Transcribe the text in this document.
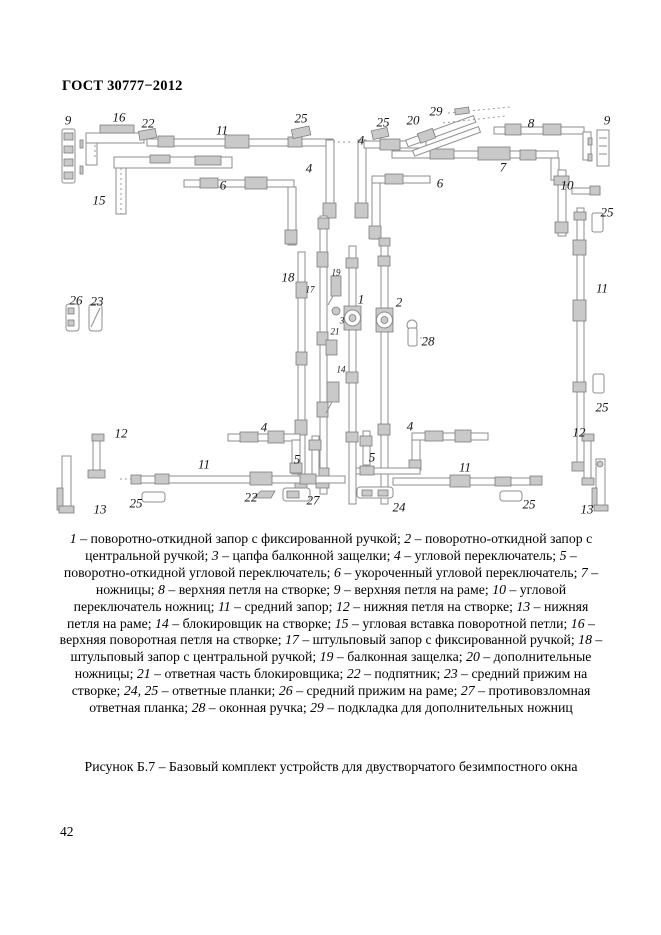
ГОСТ 30777−2012
9	16 22	11
25	25 20
29
8	9
15
6
4
4
6
7
10
25
18
17
19
26 23	1 2
3
21
14
28
11
12	4
11	5
13 25	22	27
5
4
11
24	25
25
12
13
1 – поворотно-откидной запор с фиксированной ручкой; 2 – поворотно-откидной запор с центральной ручкой; 3 – цапфа балконной защелки; 4 – угловой переключатель; 5 – поворотно-откидной угловой переключатель; 6 – укороченный угловой переключатель; 7 – ножницы; 8 – верхняя петля на створке; 9 – верхняя петля на раме; 10 – угловой переключатель ножниц; 11 – средний запор; 12 – нижняя петля на створке; 13 – нижняя петля на раме; 14 – блокировщик на створке; 15 – угловая вставка поворотной петли; 16 – верхняя поворотная петля на створке; 17 – штульповый запор с фиксированной ручкой; 18 – штульповый запор с центральной ручкой; 19 – балконная защелка; 20 – дополнительные ножницы; 21 – ответная часть блокировщика; 22 – подпятник; 23 – средний прижим на створке; 24, 25 – ответные планки; 26 – средний прижим на раме; 27 – противовзломная ответная планка; 28 – оконная ручка; 29 – подкладка для дополнительных ножниц
Рисунок Б.7 – Базовый комплект устройств для двустворчатого безимпостного окна
42
